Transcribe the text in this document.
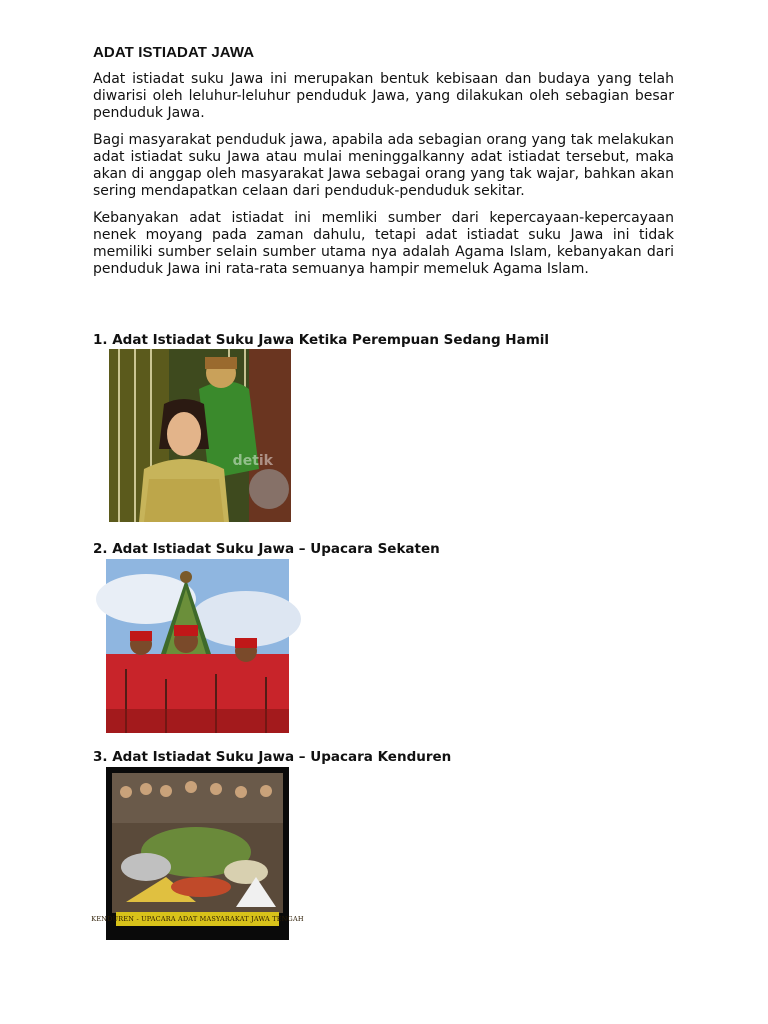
ADAT ISTIADAT JAWA

Adat istiadat suku Jawa ini merupakan bentuk kebisaan dan budaya yang telah diwarisi oleh leluhur-leluhur penduduk Jawa, yang dilakukan oleh sebagian besar penduduk Jawa.

Bagi masyarakat penduduk jawa, apabila ada sebagian orang yang tak melakukan adat istiadat suku Jawa atau mulai meninggalkanny adat istiadat tersebut, maka akan di anggap oleh masyarakat Jawa sebagai orang yang tak wajar, bahkan akan sering mendapatkan celaan dari penduduk-penduduk sekitar.

Kebanyakan adat istiadat ini memliki sumber dari kepercayaan-kepercayaan nenek moyang pada zaman dahulu, tetapi adat istiadat suku Jawa ini tidak memiliki sumber selain sumber utama nya adalah Agama Islam, kebanyakan dari penduduk Jawa ini rata-rata semuanya hampir memeluk Agama Islam.

1. Adat Istiadat Suku Jawa Ketika Perempuan Sedang Hamil
detik
2. Adat Istiadat Suku Jawa – Upacara Sekaten
3. Adat Istiadat Suku Jawa – Upacara Kenduren
KENDUREN - UPACARA ADAT MASYARAKAT JAWA TENGAH
